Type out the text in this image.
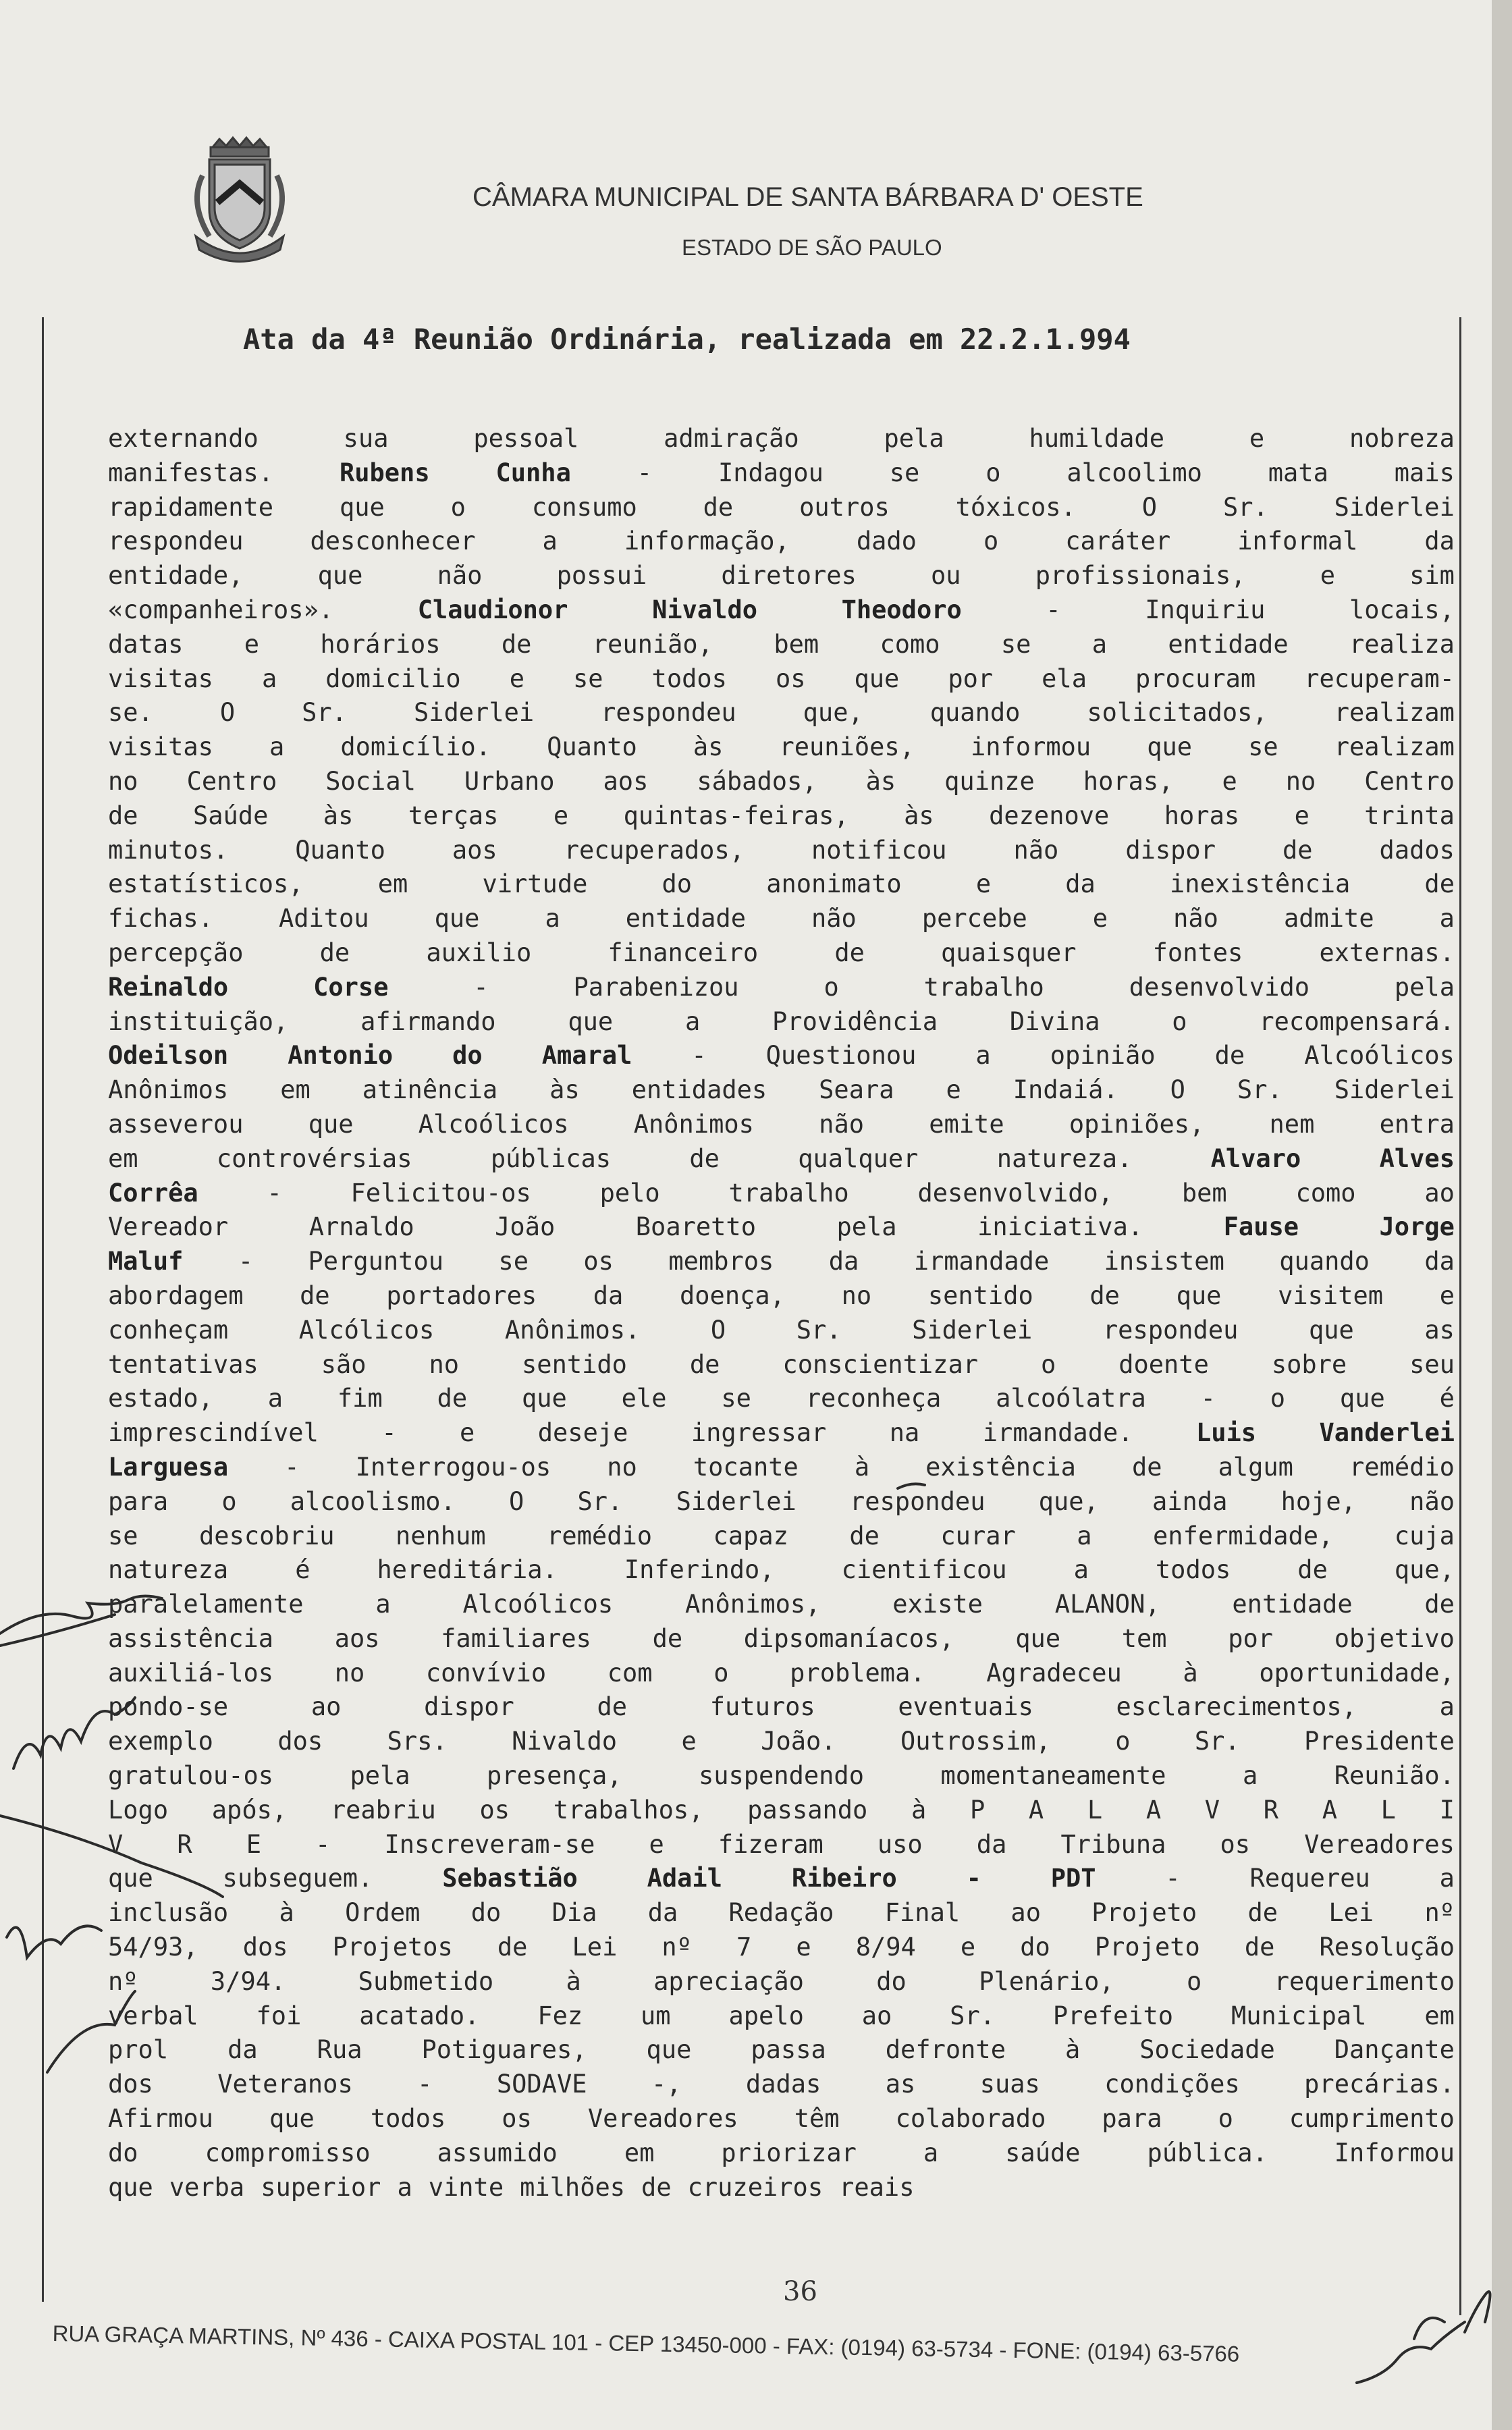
CÂMARA MUNICIPAL DE SANTA BÁRBARA D' OESTE
ESTADO DE SÃO PAULO
Ata da 4ª Reunião Ordinária, realizada em 22.2.1.994
externando	sua	pessoal	admiração	pela	humildade	e	nobreza
manifestas.	Rubens	Cunha	-	Indagou	se	o	alcoolimo	mata	mais
rapidamente	que	o	consumo	de	outros	tóxicos.	O	Sr.	Siderlei
respondeu	desconhecer	a	informação,	dado	o	caráter	informal	da
entidade,	que	não	possui	diretores	ou	profissionais,	e	sim
«companheiros».	Claudionor	Nivaldo	Theodoro	-	Inquiriu	locais,
datas e horários de reunião, bem como se a entidade realiza
visitas a domicilio e se todos os que por ela procuram recuperam-
se.	O	Sr.	Siderlei	respondeu	que,	quando	solicitados,	realizam
visitas a domicílio. Quanto às reuniões, informou que se realizam
no Centro Social Urbano aos sábados, às quinze horas, e no Centro
de Saúde às terças e quintas-feiras, às dezenove horas e trinta
minutos.	Quanto	aos	recuperados,	notificou	não	dispor	de	dados
estatísticos,	em	virtude	do	anonimato	e	da	inexistência	de
fichas.	Aditou	que	a	entidade	não	percebe	e	não	admite	a
percepção	de	auxilio	financeiro	de	quaisquer	fontes	externas.
Reinaldo	Corse	-	Parabenizou	o	trabalho	desenvolvido	pela
instituição,	afirmando	que	a	Providência	Divina	o	recompensará.
Odeilson Antonio do Amaral - Questionou a opinião de Alcoólicos
Anônimos em atinência às entidades Seara e Indaiá. O Sr. Siderlei
asseverou	que	Alcoólicos	Anônimos	não	emite	opiniões,	nem	entra
em	controvérsias	públicas	de	qualquer	natureza.	Alvaro	Alves
Corrêa	-	Felicitou-os	pelo	trabalho	desenvolvido,	bem	como	ao
Vereador	Arnaldo	João	Boaretto	pela	iniciativa.	Fause	Jorge
Maluf - Perguntou se os membros da irmandade insistem quando da
abordagem de portadores da doença, no sentido de que visitem e
conheçam	Alcólicos	Anônimos.	O	Sr.	Siderlei	respondeu	que	as
tentativas	são	no	sentido	de	conscientizar	o	doente	sobre	seu
estado, a fim de que ele se reconheça alcoólatra - o que é
imprescindível	-	e	deseje	ingressar	na	irmandade.	Luis	Vanderlei
Larguesa - Interrogou-os no tocante à existência de algum remédio
para o alcoolismo. O Sr. Siderlei respondeu que, ainda hoje, não
se descobriu nenhum remédio capaz de curar a enfermidade, cuja
natureza	é	hereditária.	Inferindo,	cientificou	a	todos	de	que,
paralelamente	a	Alcoólicos	Anônimos,	existe	ALANON,	entidade	de
assistência aos familiares de dipsomaníacos, que tem por objetivo
auxiliá-los no convívio com o problema. Agradeceu à oportunidade,
pondo-se	ao	dispor	de	futuros	eventuais	esclarecimentos,	a
exemplo	dos	Srs.	Nivaldo	e	João.	Outrossim,	o	Sr.	Presidente
gratulou-os	pela	presença,	suspendendo	momentaneamente	a	Reunião.
Logo após, reabriu os trabalhos, passando à P A L A V R A L I
V R E - Inscreveram-se e fizeram uso da Tribuna os Vereadores
que	subseguem.	Sebastião	Adail	Ribeiro	-	PDT	-	Requereu	a
inclusão à Ordem do Dia da Redação Final ao Projeto de Lei nº
54/93, dos Projetos de Lei nº 7 e 8/94 e do Projeto de Resolução
nº	3/94.	Submetido	à	apreciação	do	Plenário,	o	requerimento
verbal foi acatado. Fez um apelo ao Sr. Prefeito Municipal em
prol da Rua Potiguares, que passa defronte à Sociedade Dançante
dos	Veteranos	-	SODAVE	-,	dadas	as	suas	condições	precárias.
Afirmou que todos os Vereadores têm colaborado para o cumprimento
do	compromisso	assumido	em	priorizar	a	saúde	pública.	Informou
que verba superior a vinte milhões de cruzeiros reais
36
RUA GRAÇA MARTINS, Nº 436 - CAIXA POSTAL 101 - CEP 13450-000 - FAX: (0194) 63-5734 - FONE: (0194) 63-5766
